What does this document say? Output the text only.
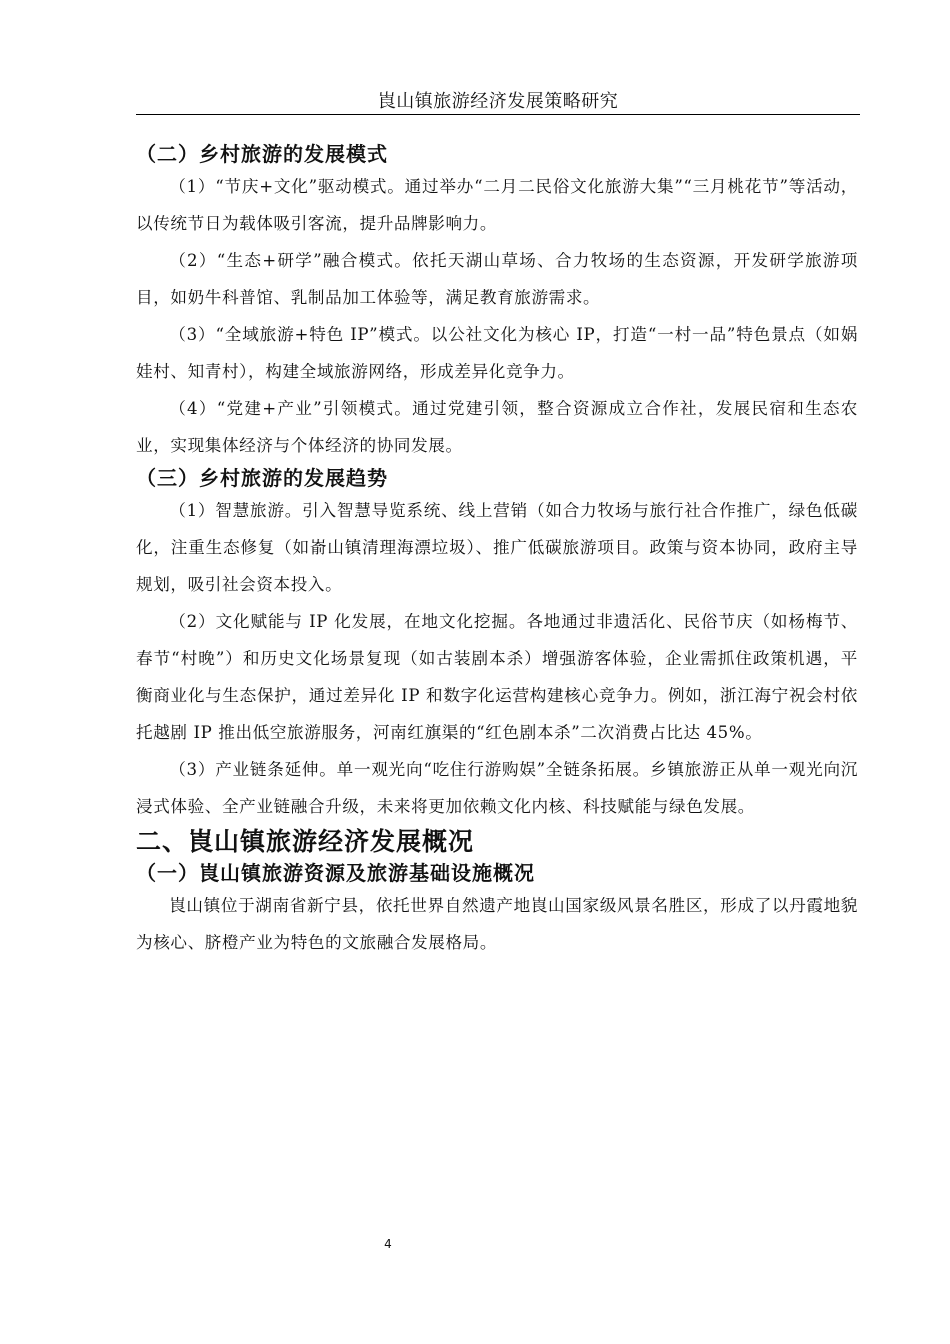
崀山镇旅游经济发展策略研究
（二）乡村旅游的发展模式

（1）“节庆+文化”驱动模式。通过举办“二月二民俗文化旅游大集”“三月桃花节”等活动，以传统节日为载体吸引客流，提升品牌影响力。

（2）“生态+研学”融合模式。依托天湖山草场、合力牧场的生态资源，开发研学旅游项目，如奶牛科普馆、乳制品加工体验等，满足教育旅游需求。

（3）“全域旅游+特色 IP”模式。以公社文化为核心 IP，打造“一村一品”特色景点（如娲娃村、知青村），构建全域旅游网络，形成差异化竞争力。

（4）“党建+产业”引领模式。通过党建引领，整合资源成立合作社，发展民宿和生态农业，实现集体经济与个体经济的协同发展。

（三）乡村旅游的发展趋势

（1）智慧旅游。引入智慧导览系统、线上营销（如合力牧场与旅行社合作推广，绿色低碳化，注重生态修复（如嵛山镇清理海漂垃圾）、推广低碳旅游项目。政策与资本协同，政府主导规划，吸引社会资本投入。

（2）文化赋能与 IP 化发展，在地文化挖掘。各地通过非遗活化、民俗节庆（如杨梅节、春节“村晚”）和历史文化场景复现（如古装剧本杀）增强游客体验，企业需抓住政策机遇，平衡商业化与生态保护，通过差异化 IP 和数字化运营构建核心竞争力。例如，浙江海宁祝会村依托越剧 IP 推出低空旅游服务，河南红旗渠的“红色剧本杀”二次消费占比达 45%。

（3）产业链条延伸。单一观光向“吃住行游购娱”全链条拓展。乡镇旅游正从单一观光向沉浸式体验、全产业链融合升级，未来将更加依赖文化内核、科技赋能与绿色发展。

二、崀山镇旅游经济发展概况
（一）崀山镇旅游资源及旅游基础设施概况

崀山镇位于湖南省新宁县，依托世界自然遗产地崀山国家级风景名胜区，形成了以丹霞地貌为核心、脐橙产业为特色的文旅融合发展格局。

4
